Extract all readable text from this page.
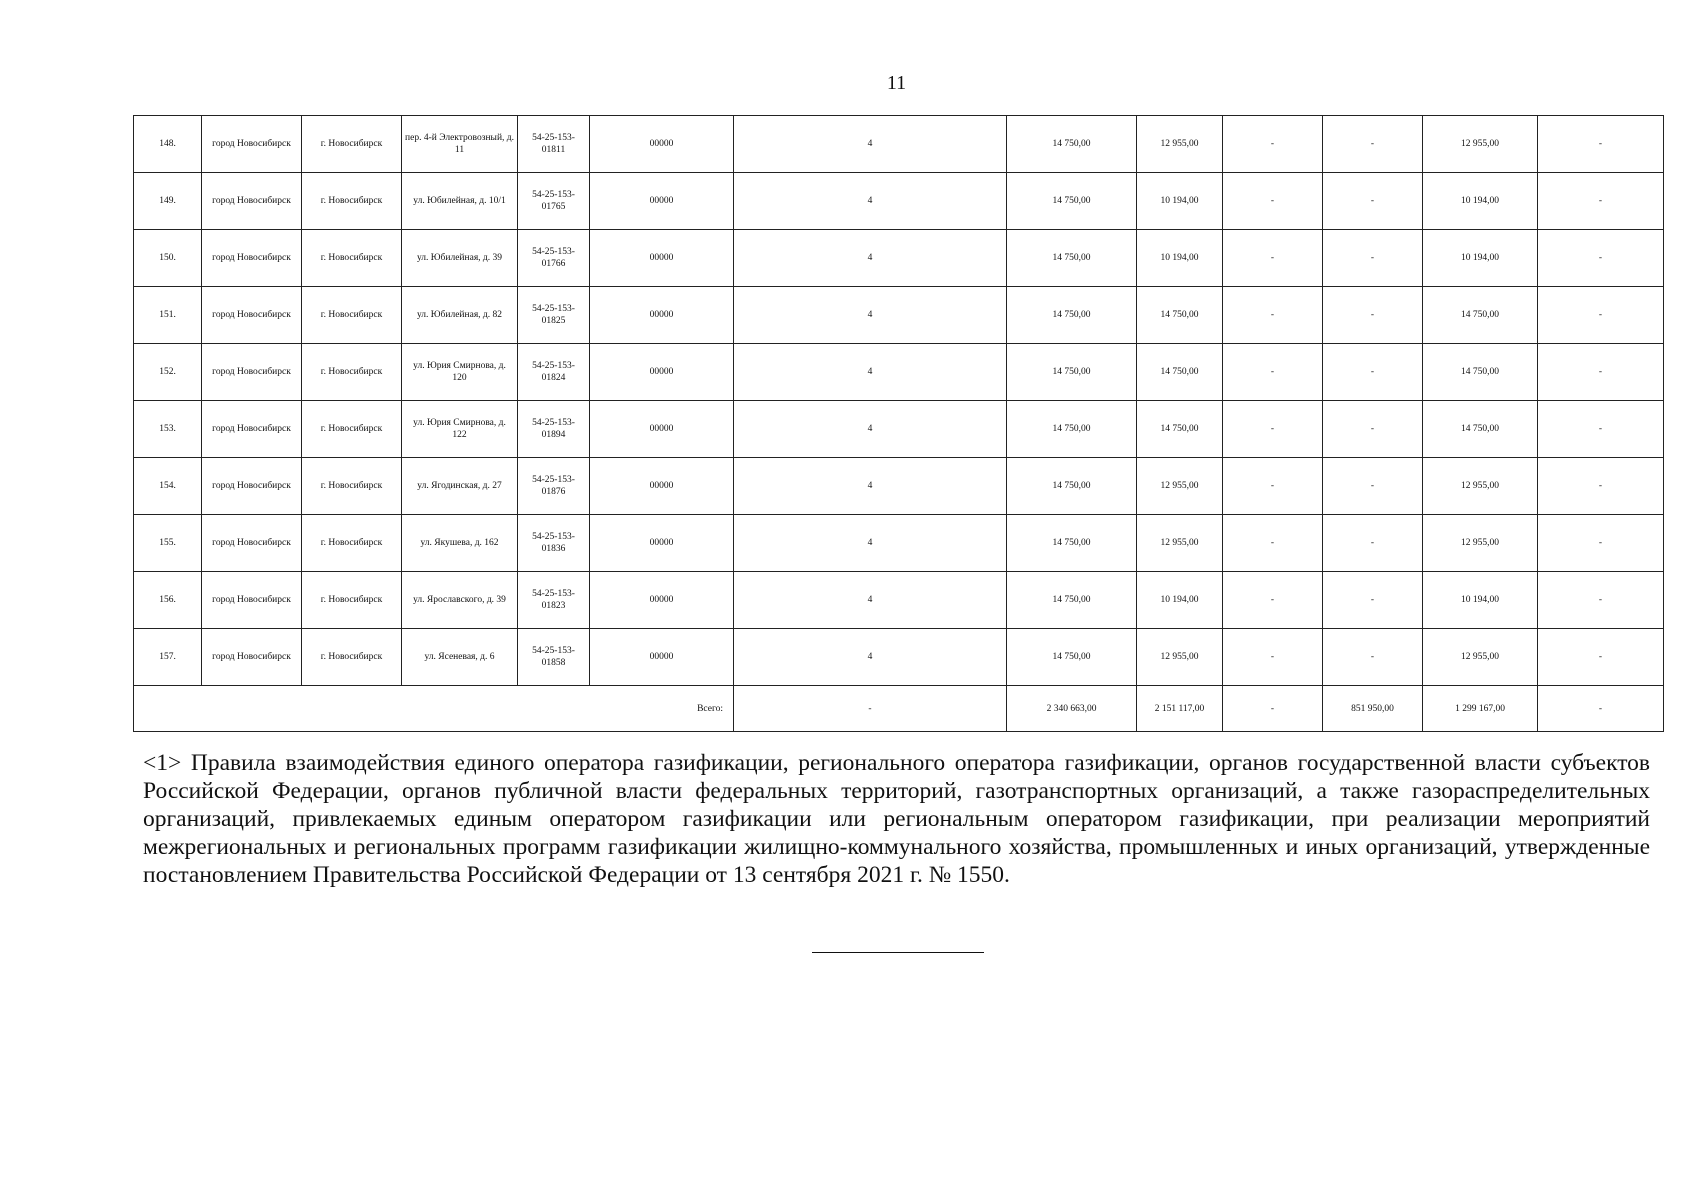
11
148.	город Новосибирск	г. Новосибирск	пер. 4-й Электровозный, д. 11	54-25-153-01811	00000	4	14 750,00	12 955,00	-	-	12 955,00	-
149.	город Новосибирск	г. Новосибирск	ул. Юбилейная, д. 10/1	54-25-153-01765	00000	4	14 750,00	10 194,00	-	-	10 194,00	-
150.	город Новосибирск	г. Новосибирск	ул. Юбилейная, д. 39	54-25-153-01766	00000	4	14 750,00	10 194,00	-	-	10 194,00	-
151.	город Новосибирск	г. Новосибирск	ул. Юбилейная, д. 82	54-25-153-01825	00000	4	14 750,00	14 750,00	-	-	14 750,00	-
152.	город Новосибирск	г. Новосибирск	ул. Юрия Смирнова, д. 120	54-25-153-01824	00000	4	14 750,00	14 750,00	-	-	14 750,00	-
153.	город Новосибирск	г. Новосибирск	ул. Юрия Смирнова, д. 122	54-25-153-01894	00000	4	14 750,00	14 750,00	-	-	14 750,00	-
154.	город Новосибирск	г. Новосибирск	ул. Ягодинская, д. 27	54-25-153-01876	00000	4	14 750,00	12 955,00	-	-	12 955,00	-
155.	город Новосибирск	г. Новосибирск	ул. Якушева, д. 162	54-25-153-01836	00000	4	14 750,00	12 955,00	-	-	12 955,00	-
156.	город Новосибирск	г. Новосибирск	ул. Ярославского, д. 39	54-25-153-01823	00000	4	14 750,00	10 194,00	-	-	10 194,00	-
157.	город Новосибирск	г. Новосибирск	ул. Ясеневая, д. 6	54-25-153-01858	00000	4	14 750,00	12 955,00	-	-	12 955,00	-
Всего:						-	2 340 663,00	2 151 117,00	-	851 950,00	1 299 167,00	-
<1> Правила взаимодействия единого оператора газификации, регионального оператора газификации, органов государственной власти субъектов Российской Федерации, органов публичной власти федеральных территорий, газотранспортных организаций, а также газораспределительных организаций, привлекаемых единым оператором газификации или региональным оператором газификации, при реализации мероприятий межрегиональных и региональных программ газификации жилищно-коммунального хозяйства, промышленных и иных организаций, утвержденные постановлением Правительства Российской Федерации от 13 сентября 2021 г. № 1550.
